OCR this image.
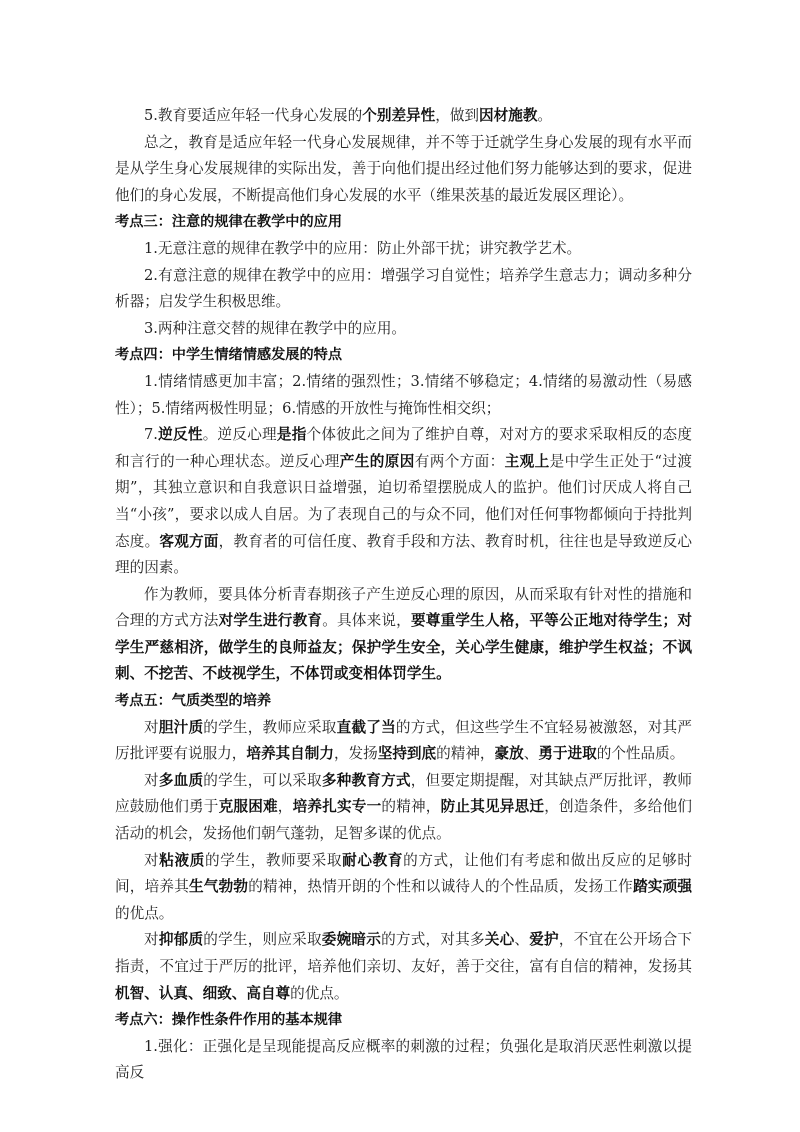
5.教育要适应年轻一代身心发展的个别差异性，做到因材施教。

总之，教育是适应年轻一代身心发展规律，并不等于迁就学生身心发展的现有水平而是从学生身心发展规律的实际出发，善于向他们提出经过他们努力能够达到的要求，促进他们的身心发展，不断提高他们身心发展的水平（维果茨基的最近发展区理论）。

考点三：注意的规律在教学中的应用

1.无意注意的规律在教学中的应用：防止外部干扰；讲究教学艺术。

2.有意注意的规律在教学中的应用：增强学习自觉性；培养学生意志力；调动多种分析器；启发学生积极思维。

3.两种注意交替的规律在教学中的应用。

考点四：中学生情绪情感发展的特点

1.情绪情感更加丰富；2.情绪的强烈性；3.情绪不够稳定；4.情绪的易激动性（易感性）；5.情绪两极性明显；6.情感的开放性与掩饰性相交织；

7.逆反性。逆反心理是指个体彼此之间为了维护自尊，对对方的要求采取相反的态度和言行的一种心理状态。逆反心理产生的原因有两个方面：主观上是中学生正处于“过渡期”，其独立意识和自我意识日益增强，迫切希望摆脱成人的监护。他们讨厌成人将自己当“小孩”，要求以成人自居。为了表现自己的与众不同，他们对任何事物都倾向于持批判态度。客观方面，教育者的可信任度、教育手段和方法、教育时机，往往也是导致逆反心理的因素。

作为教师，要具体分析青春期孩子产生逆反心理的原因，从而采取有针对性的措施和合理的方式方法对学生进行教育。具体来说，要尊重学生人格，平等公正地对待学生；对学生严慈相济，做学生的良师益友；保护学生安全，关心学生健康，维护学生权益；不讽刺、不挖苦、不歧视学生，不体罚或变相体罚学生。

考点五：气质类型的培养

对胆汁质的学生，教师应采取直截了当的方式，但这些学生不宜轻易被激怒，对其严厉批评要有说服力，培养其自制力，发扬坚持到底的精神，豪放、勇于进取的个性品质。

对多血质的学生，可以采取多种教育方式，但要定期提醒，对其缺点严厉批评，教师应鼓励他们勇于克服困难，培养扎实专一的精神，防止其见异思迁，创造条件，多给他们活动的机会，发扬他们朝气蓬勃，足智多谋的优点。

对粘液质的学生，教师要采取耐心教育的方式，让他们有考虑和做出反应的足够时间，培养其生气勃勃的精神，热情开朗的个性和以诚待人的个性品质，发扬工作踏实顽强的优点。

对抑郁质的学生，则应采取委婉暗示的方式，对其多关心、爱护，不宜在公开场合下指责，不宜过于严厉的批评，培养他们亲切、友好，善于交往，富有自信的精神，发扬其机智、认真、细致、高自尊的优点。

考点六：操作性条件作用的基本规律

1.强化：正强化是呈现能提高反应概率的刺激的过程；负强化是取消厌恶性刺激以提高反
